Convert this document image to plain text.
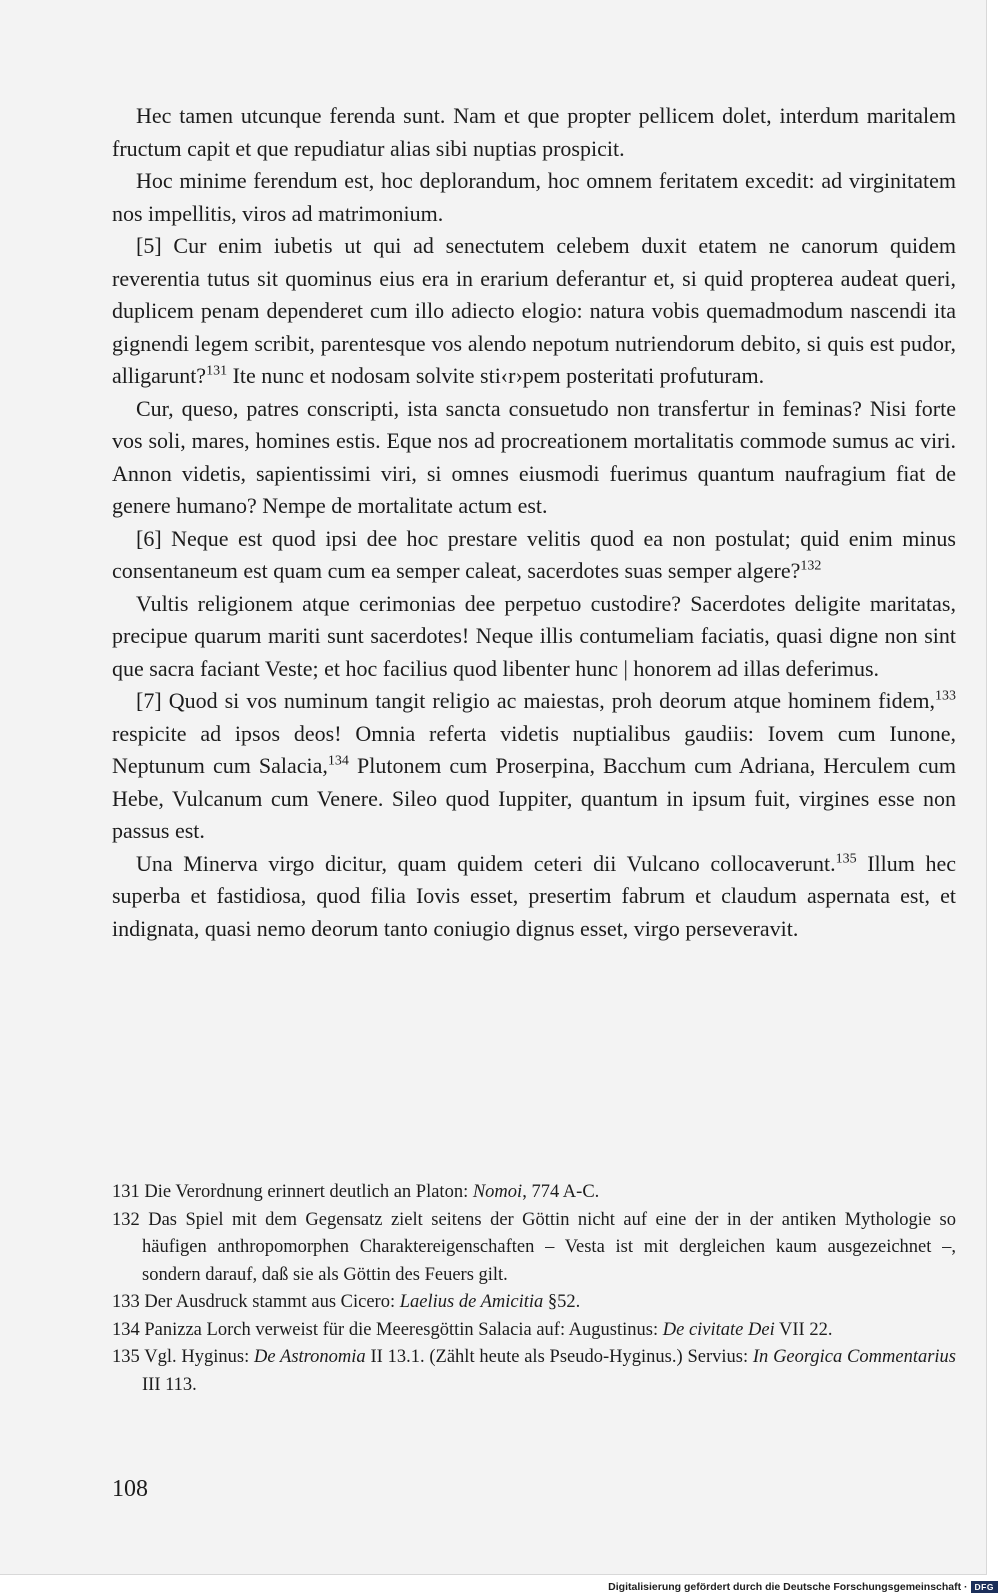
Hec tamen utcunque ferenda sunt. Nam et que propter pellicem dolet, interdum maritalem fructum capit et que repudiatur alias sibi nuptias prospicit.

Hoc minime ferendum est, hoc deplorandum, hoc omnem feritatem excedit: ad virginitatem nos impellitis, viros ad matrimonium.

[5] Cur enim iubetis ut qui ad senectutem celebem duxit etatem ne canorum quidem reverentia tutus sit quominus eius era in erarium deferantur et, si quid propterea audeat queri, duplicem penam dependeret cum illo adiecto elogio: natura vobis quemadmodum nascendi ita gignendi legem scribit, parentesque vos alendo nepotum nutriendorum debito, si quis est pudor, alligarunt?$^{131}$ Ite nunc et nodosam solvite sti‹r›pem posteritati profuturam.

Cur, queso, patres conscripti, ista sancta consuetudo non transfertur in feminas? Nisi forte vos soli, mares, homines estis. Eque nos ad procreationem mortalitatis commode sumus ac viri. Annon videtis, sapientissimi viri, si omnes eiusmodi fuerimus quantum naufragium fiat de genere humano? Nempe de mortalitate actum est.

[6] Neque est quod ipsi dee hoc prestare velitis quod ea non postulat; quid enim minus consentaneum est quam cum ea semper caleat, sacerdotes suas semper algere?$^{132}$

Vultis religionem atque cerimonias dee perpetuo custodire? Sacerdotes deligite maritatas, precipue quarum mariti sunt sacerdotes! Neque illis contumeliam faciatis, quasi digne non sint que sacra faciant Veste; et hoc facilius quod libenter hunc | honorem ad illas deferimus.

[7] Quod si vos numinum tangit religio ac maiestas, proh deorum atque hominem fidem,$^{133}$ respicite ad ipsos deos! Omnia referta videtis nuptialibus gaudiis: Iovem cum Iunone, Neptunum cum Salacia,$^{134}$ Plutonem cum Proserpina, Bacchum cum Adriana, Herculem cum Hebe, Vulcanum cum Venere. Sileo quod Iuppiter, quantum in ipsum fuit, virgines esse non passus est.

Una Minerva virgo dicitur, quam quidem ceteri dii Vulcano collocaverunt.$^{135}$ Illum hec superba et fastidiosa, quod filia Iovis esset, presertim fabrum et claudum aspernata est, et indignata, quasi nemo deorum tanto coniugio dignus esset, virgo perseveravit.

131 Die Verordnung erinnert deutlich an Platon: Nomoi, 774 A-C.

132 Das Spiel mit dem Gegensatz zielt seitens der Göttin nicht auf eine der in der antiken Mythologie so häufigen anthropomorphen Charaktereigenschaften – Vesta ist mit dergleichen kaum ausgezeichnet –, sondern darauf, daß sie als Göttin des Feuers gilt.

133 Der Ausdruck stammt aus Cicero: Laelius de Amicitia §52.

134 Panizza Lorch verweist für die Meeresgöttin Salacia auf: Augustinus: De civitate Dei VII 22.

135 Vgl. Hyginus: De Astronomia II 13.1. (Zählt heute als Pseudo-Hyginus.) Servius: In Georgica Commentarius III 113.

108
Digitalisierung gefördert durch die Deutsche Forschungsgemeinschaft · DFG
